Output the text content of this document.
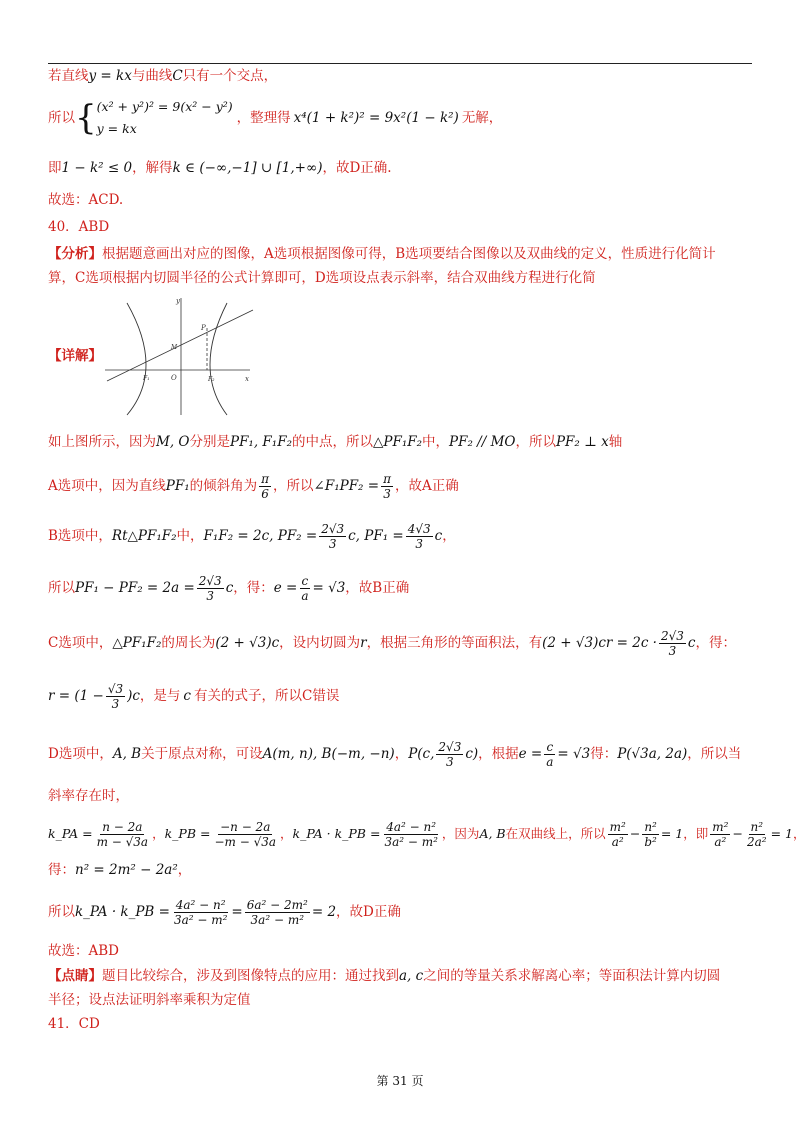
若直线y = kx与曲线C只有一个交点，
所以 { (x² + y²)² = 9(x² − y²)
y = kx
，整理得 x⁴(1 + k²)² = 9x²(1 − k²) 无解，
即1 − k² ≤ 0，解得k ∈ (−∞,−1] ∪ [1,+∞)，故D正确.
故选：ACD.
40．ABD
【分析】根据题意画出对应的图像，A选项根据图像可得，B选项要结合图像以及双曲线的定义，性质进行化简计
算，C选项根据内切圆半径的公式计算即可，D选项设点表示斜率，结合双曲线方程进行化简
【详解】
y
x
P
M
O
F₁	F₂
如上图所示，因为M, O分别是PF₁, F₁F₂的中点，所以△PF₁F₂中，PF₂ // MO，所以PF₂ ⊥ x轴
A选项中，因为直线PF₁的倾斜角为 $\frac{\pi}{6}$ ，所以∠F₁PF₂ = $\frac{\pi}{3}$ ，故A正确
B选项中，Rt△PF₁F₂中，F₁F₂ = 2c, $PF_2 = \frac{2√3}{3} c$, $PF_1 = \frac{4√3}{3}$ c，
所以$PF_1 - PF_2 = 2a = \frac{2√3}{3}$ c，得：$e = \frac{c}{a} = √3$，故B正确
C选项中，△PF₁F₂的周长为(2 + √3)c，设内切圆为r，根据三角形的等面积法，有$(2 + √3)cr = 2c \cdot \frac{2√3}{3}$ c，得：
$r = (1 - \frac{√3}{3} )c$，是与 c 有关的式子，所以C错误
D选项中，A, B关于原点对称，可设A(m, n), B(−m, −n)，P(c, $\frac{2√3}{3} c$)，根据$e = \frac{c}{a} = √3$得：P(√3a, 2a)，所以当
斜率存在时，
k_PA = $\frac{n - 2a}{m - √3a}$ ，k_PB = $\frac{-n - 2a}{-m - √3a}$ ，k_PA · k_PB = $\frac{\text{4a² − n²}}{\text{3a² − m²}}$ ，因为A, B在双曲线上，所以 $\frac{\text{m²}}{\text{a²}} - \frac{\text{n²}}{\text{b²}} = 1$，即 $\frac{\text{m²}}{\text{a²}} - \frac{\text{n²}}{\text{2a²}} = 1$，
得：n² = 2m² − 2a²，
所以k_PA · k_PB = $\frac{\text{4a² − n²}}{\text{3a² − m²}} = \frac{\text{6a² − 2m²}}{\text{3a² − m²}} = 2$，故D正确
故选：ABD
【点睛】题目比较综合，涉及到图像特点的应用：通过找到a, c之间的等量关系求解离心率；等面积法计算内切圆
半径；设点法证明斜率乘积为定值
41．CD
第 31 页
